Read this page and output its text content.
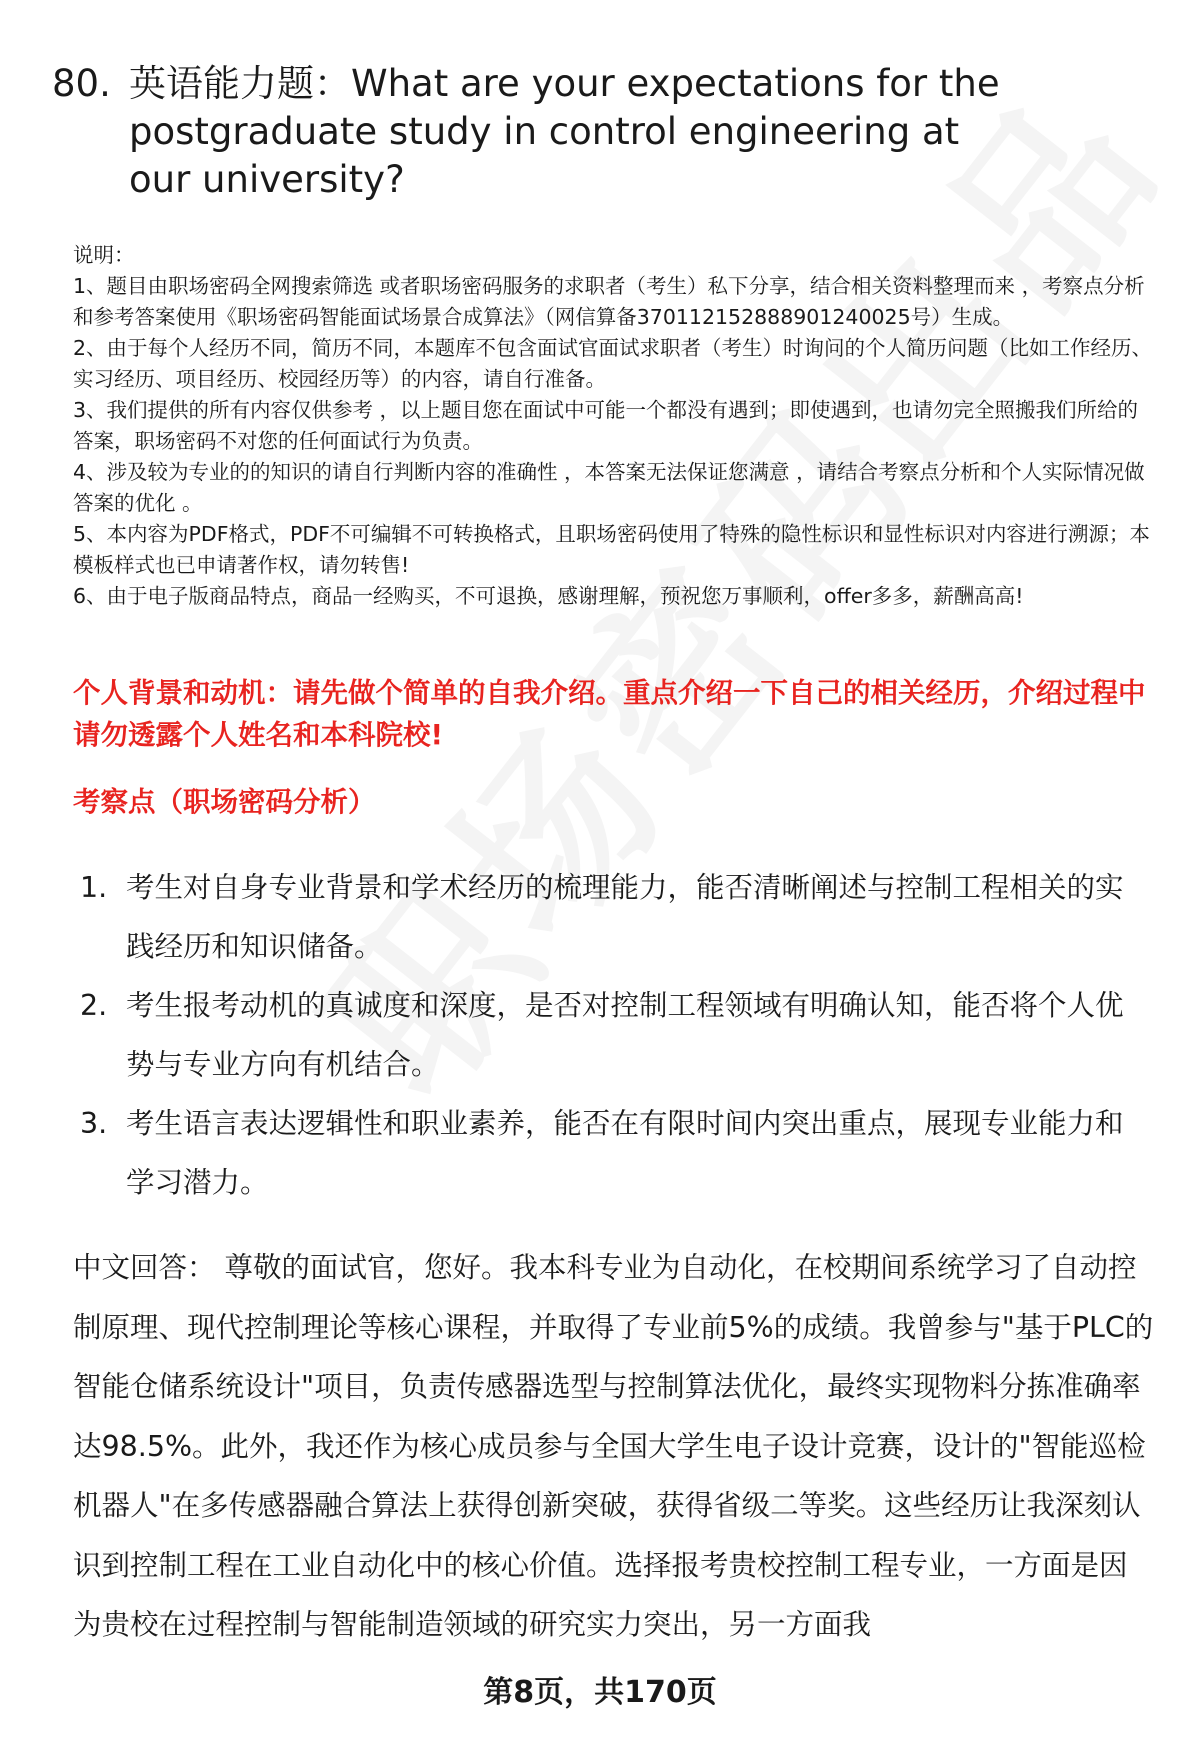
80. 英语能力题：What are your expectations for the postgraduate study in control engineering at our university?

说明：

1、题目由职场密码全网搜索筛选 或者职场密码服务的求职者（考生）私下分享，结合相关资料整理而来 ，考察点分析和参考答案使用《职场密码智能面试场景合成算法》（网信算备37011215288890124002​5号）生成。

2、由于每个人经历不同，简历不同，本题库不包含面试官面试求职者（考生）时询问的个人简历问题（比如工作经历、实习经历、项目经历、校园经历等）的内容，请自行准备。

3、我们提供的所有内容仅供参考 ，以上题目您在面试中可能一个都没有遇到；即使遇到，也请勿完全照搬我们所给的答案，职场密码不对您的任何面试行为负责。

4、涉及较为专业的的知识的请自行判断内容的准确性 ，本答案无法保证您满意 ，请结合考察点分析和个人实际情况做答案的优化 。

5、本内容为PDF格式，PDF不可编辑不可转换格式，且职场密码使用了特殊的隐性标识和显性标识对内容进行溯源；本模板样式也已申请著作权，请勿转售!

6、由于电子版商品特点，商品一经购买，不可退换，感谢理解，预祝您万事顺利，offer多多，薪酬高高!

个人背景和动机：请先做个简单的自我介绍。重点介绍一下自己的相关经历，介绍过程中请勿透露个人姓名和本科院校!
考察点（职场密码分析）
1. 考生对自身专业背景和学术经历的梳理能力，能否清晰阐述与控制工程相关的实践经历和知识储备。
2. 考生报考动机的真诚度和深度，是否对控制工程领域有明确认知，能否将个人优势与专业方向有机结合。
3. 考生语言表达逻辑性和职业素养，能否在有限时间内突出重点，展现专业能力和学习潜力。
中文回答： 尊敬的面试官，您好。我本科专业为自动化，在校期间系统学习了自动控制原理、现代控制理论等核心课程，并取得了专业前5%的成绩。我曾参与"基于PLC的智能仓储系统设计"项目，负责传感器选型与控制算法优化，最终实现物料分拣准确率达98.5%。此外，我还作为核心成员参与全国大学生电子设计竞赛，设计的"智能巡检机器人"在多传感器融合算法上获得创新突破，获得省级二等奖。这些经历让我深刻认识到控制工程在工业自动化中的核心价值。选择报考贵校控制工程专业，一方面是因为贵校在过程控制与智能制造领域的研究实力突出，另一方面我
第8页，共170页
